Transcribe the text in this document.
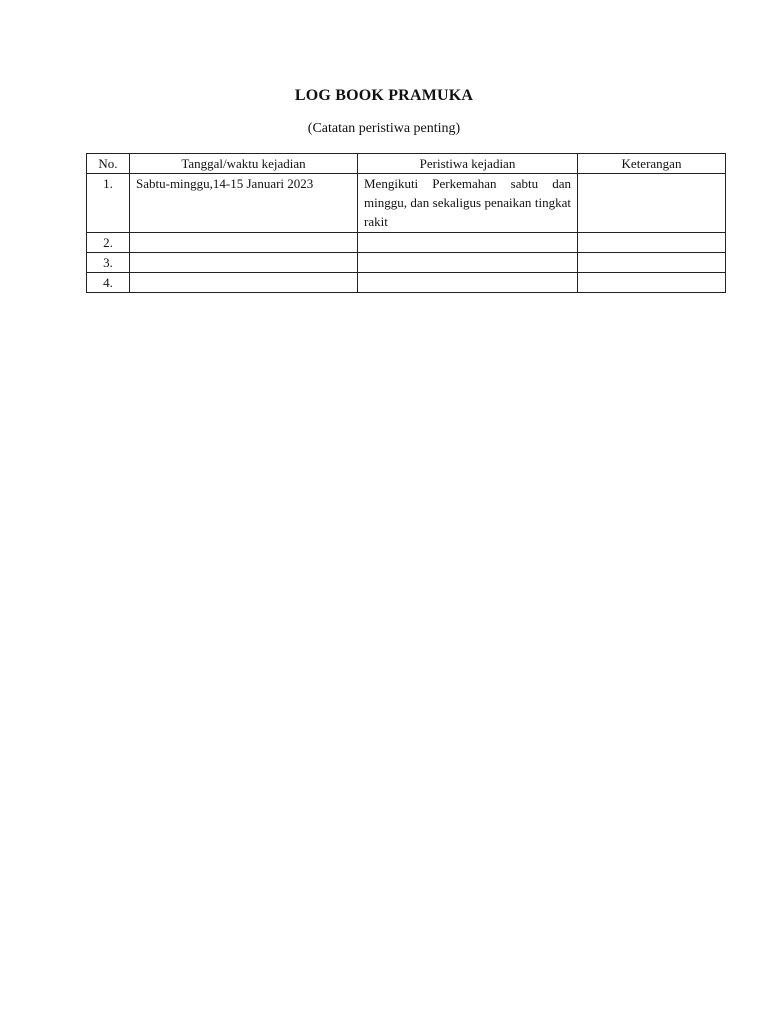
LOG BOOK PRAMUKA
(Catatan peristiwa penting)
No.	Tanggal/waktu kejadian	Peristiwa kejadian	Keterangan
1.	Sabtu-minggu,14-15 Januari 2023	Mengikuti Perkemahan sabtu dan minggu, dan sekaligus penaikan tingkat rakit	
2.			
3.			
4.			
